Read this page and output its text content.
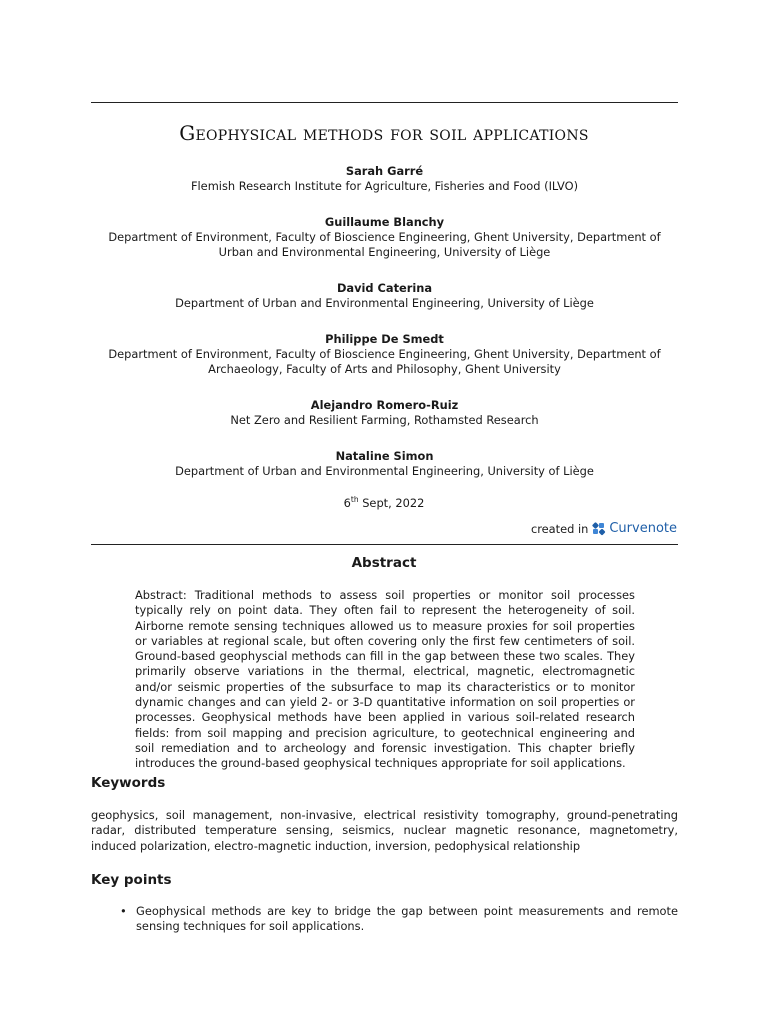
Geophysical methods for soil applications
Sarah Garré
Flemish Research Institute for Agriculture, Fisheries and Food (ILVO)
Guillaume Blanchy
Department of Environment, Faculty of Bioscience Engineering, Ghent University, Department of Urban and Environmental Engineering, University of Liège
David Caterina
Department of Urban and Environmental Engineering, University of Liège
Philippe De Smedt
Department of Environment, Faculty of Bioscience Engineering, Ghent University, Department of Archaeology, Faculty of Arts and Philosophy, Ghent University
Alejandro Romero-Ruiz
Net Zero and Resilient Farming, Rothamsted Research
Nataline Simon
Department of Urban and Environmental Engineering, University of Liège
6th Sept, 2022
created in Curvenote
Abstract
Abstract: Traditional methods to assess soil properties or monitor soil processes typically rely on point data. They often fail to represent the heterogeneity of soil. Airborne remote sensing techniques allowed us to measure proxies for soil properties or variables at regional scale, but often covering only the first few centimeters of soil. Ground-based geophyscial methods can fill in the gap between these two scales. They primarily observe variations in the thermal, electrical, magnetic, electromagnetic and/or seismic properties of the subsurface to map its characteristics or to monitor dynamic changes and can yield 2- or 3-D quantitative information on soil properties or processes. Geophysical methods have been applied in various soil-related research fields: from soil mapping and precision agriculture, to geotechnical engineering and soil remediation and to archeology and forensic investigation. This chapter briefly introduces the ground-based geophysical techniques appropriate for soil applications.
Keywords
geophysics, soil management, non-invasive, electrical resistivity tomography, ground-penetrating radar, distributed temperature sensing, seismics, nuclear magnetic resonance, magnetometry, induced polarization, electro-magnetic induction, inversion, pedophysical relationship
Key points
• Geophysical methods are key to bridge the gap between point measurements and remote sensing techniques for soil applications.
